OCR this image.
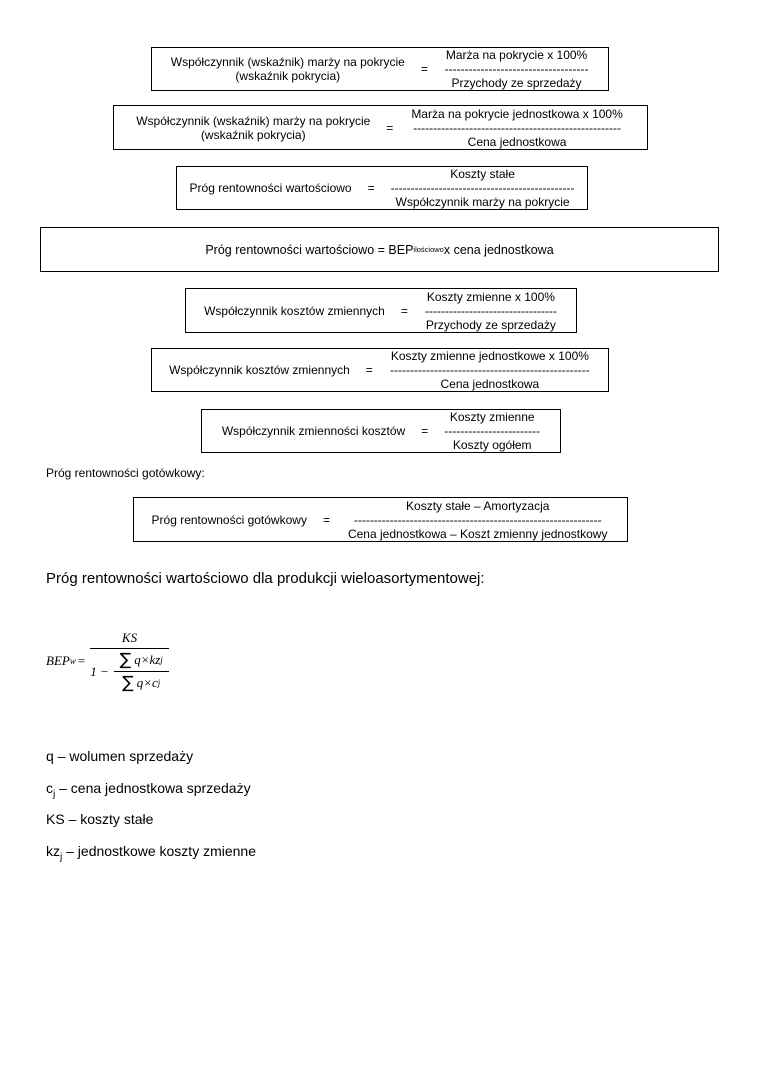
Współczynnik (wskaźnik) marży na pokrycie
(wskaźnik pokrycia)	=
Marża na pokrycie x 100%
------------------------------------
Przychody ze sprzedaży
Współczynnik (wskaźnik) marży na pokrycie
(wskaźnik pokrycia)	=
Marża na pokrycie jednostkowa x 100%
----------------------------------------------------
Cena jednostkowa
Próg rentowności wartościowo =
Koszty stałe
----------------------------------------------
Współczynnik marży na pokrycie
Próg rentowności wartościowo = BEP ilościowo x cena jednostkowa
Współczynnik kosztów zmiennych =
Koszty zmienne x 100%
---------------------------------
Przychody ze sprzedaży
Współczynnik kosztów zmiennych =
Koszty zmienne jednostkowe x 100%
--------------------------------------------------
Cena jednostkowa
Współczynnik zmienności kosztów =
Koszty zmienne
------------------------
Koszty ogółem
Próg rentowności gotówkowy:
Próg rentowności gotówkowy =
Koszty stałe – Amortyzacja
--------------------------------------------------------------
Cena jednostkowa – Koszt zmienny jednostkowy
Próg rentowności wartościowo dla produkcji wieloasortymentowej:
BEP w =
KS
1 −
∑ q×kz j
∑ q×c j
q – wolumen sprzedaży
$c_j$ – cena jednostkowa sprzedaży
KS – koszty stałe
$kz_j$ – jednostkowe koszty zmienne
